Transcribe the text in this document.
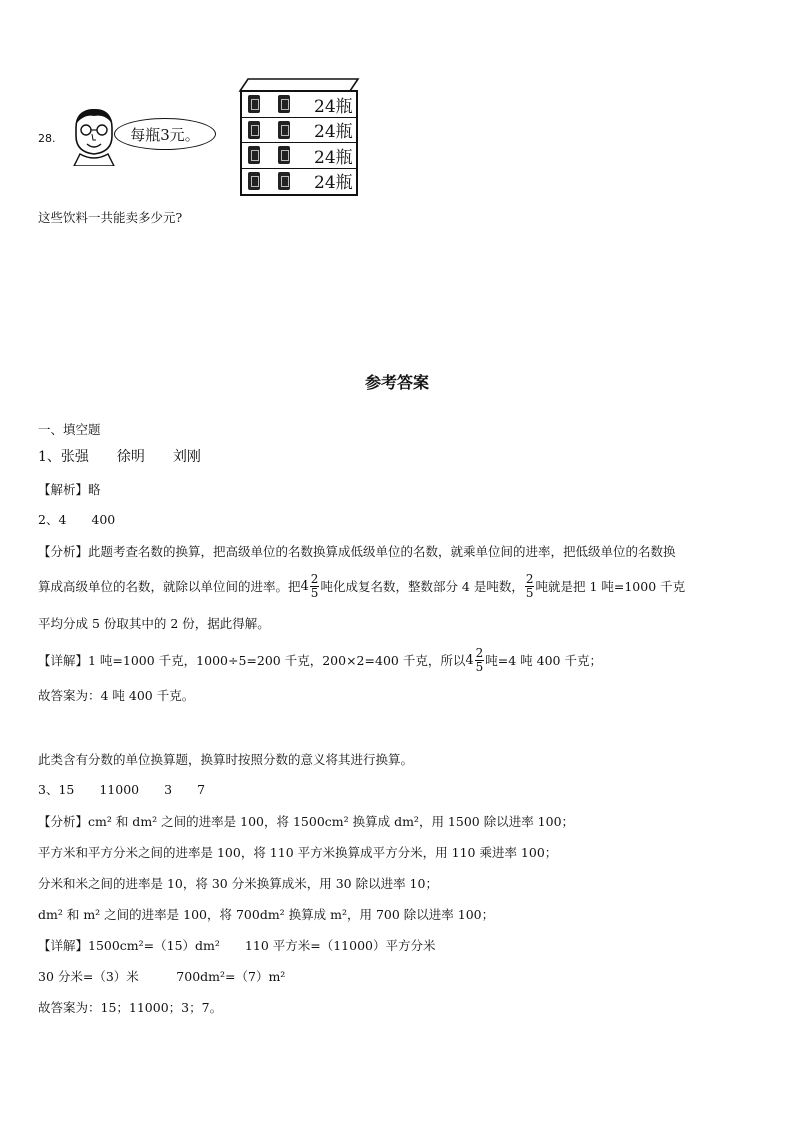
28.	每瓶3元。
24瓶
24瓶
24瓶
24瓶
这些饮料一共能卖多少元?
参考答案
一、填空题
1、张强　　徐明　　刘刚
【解析】略
2、4　　400
【分析】此题考查名数的换算，把高级单位的名数换算成低级单位的名数，就乘单位间的进率，把低级单位的名数换
算成高级单位的名数，就除以单位间的进率。把 $4 \frac{2}{5}$ 吨化成复名数，整数部分 4 是吨数， $\frac{2}{5}$ 吨就是把 1 吨=1000 千克
平均分成 5 份取其中的 2 份，据此得解。
【详解】1 吨=1000 千克，1000÷5=200 千克，200×2=400 千克，所以 $4 \frac{2}{5}$ 吨=4 吨 400 千克；
故答案为：4 吨 400 千克。
此类含有分数的单位换算题，换算时按照分数的意义将其进行换算。
3、15　　11000　　3　　7
【分析】cm² 和 dm² 之间的进率是 100，将 1500cm² 换算成 dm²，用 1500 除以进率 100；
平方米和平方分米之间的进率是 100，将 110 平方米换算成平方分米，用 110 乘进率 100；
分米和米之间的进率是 10，将 30 分米换算成米，用 30 除以进率 10；
dm² 和 m² 之间的进率是 100，将 700dm² 换算成 m²，用 700 除以进率 100；
【详解】1500cm²=（15）dm²　　110 平方米=（11000）平方分米
30 分米=（3）米　　　700dm²=（7）m²
故答案为：15；11000；3；7。
